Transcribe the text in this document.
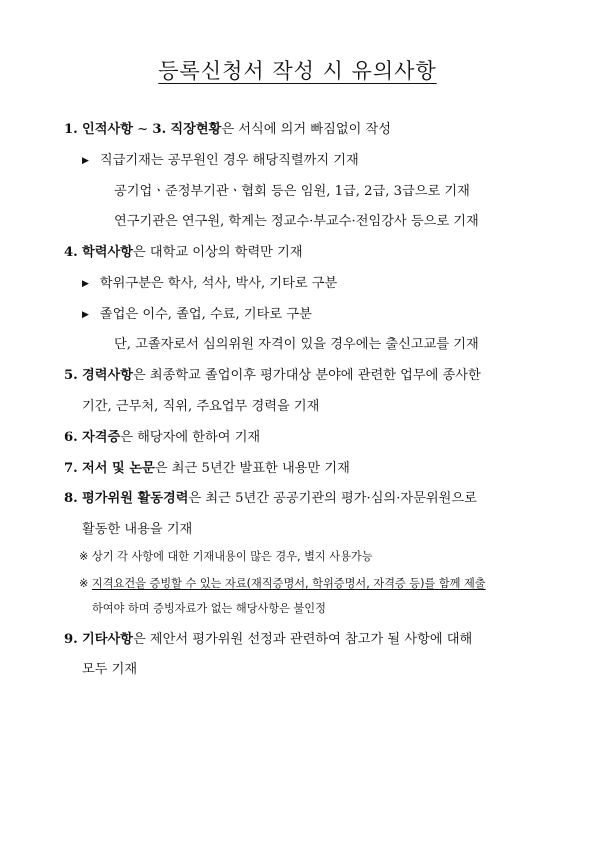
등록신청서 작성 시 유의사항
1. 인적사항 ~ 3. 직장현황은 서식에 의거 빠짐없이 작성
▶ 직급기재는 공무원인 경우 해당직렬까지 기재
공기업ㆍ준정부기관ㆍ협회 등은 임원, 1급, 2급, 3급으로 기재
연구기관은 연구원, 학계는 정교수·부교수·전임강사 등으로 기재
4. 학력사항은 대학교 이상의 학력만 기재
▶ 학위구분은 학사, 석사, 박사, 기타로 구분
▶ 졸업은 이수, 졸업, 수료, 기타로 구분
단, 고졸자로서 심의위원 자격이 있을 경우에는 출신고교를 기재
5. 경력사항은 최종학교 졸업이후 평가대상 분야에 관련한 업무에 종사한
기간, 근무처, 직위, 주요업무 경력을 기재
6. 자격증은 해당자에 한하여 기재
7. 저서 및 논문은 최근 5년간 발표한 내용만 기재
8. 평가위원 활동경력은 최근 5년간 공공기관의 평가·심의·자문위원으로
활동한 내용을 기재
※ 상기 각 사항에 대한 기재내용이 많은 경우, 별지 사용가능
※ 지격요건을 증빙할 수 있는 자료(재직증명서, 학위증명서, 자격증 등)를 함께 제출
하여야 하며 증빙자료가 없는 해당사항은 불인정
9. 기타사항은 제안서 평가위원 선정과 관련하여 참고가 될 사항에 대해
모두 기재
